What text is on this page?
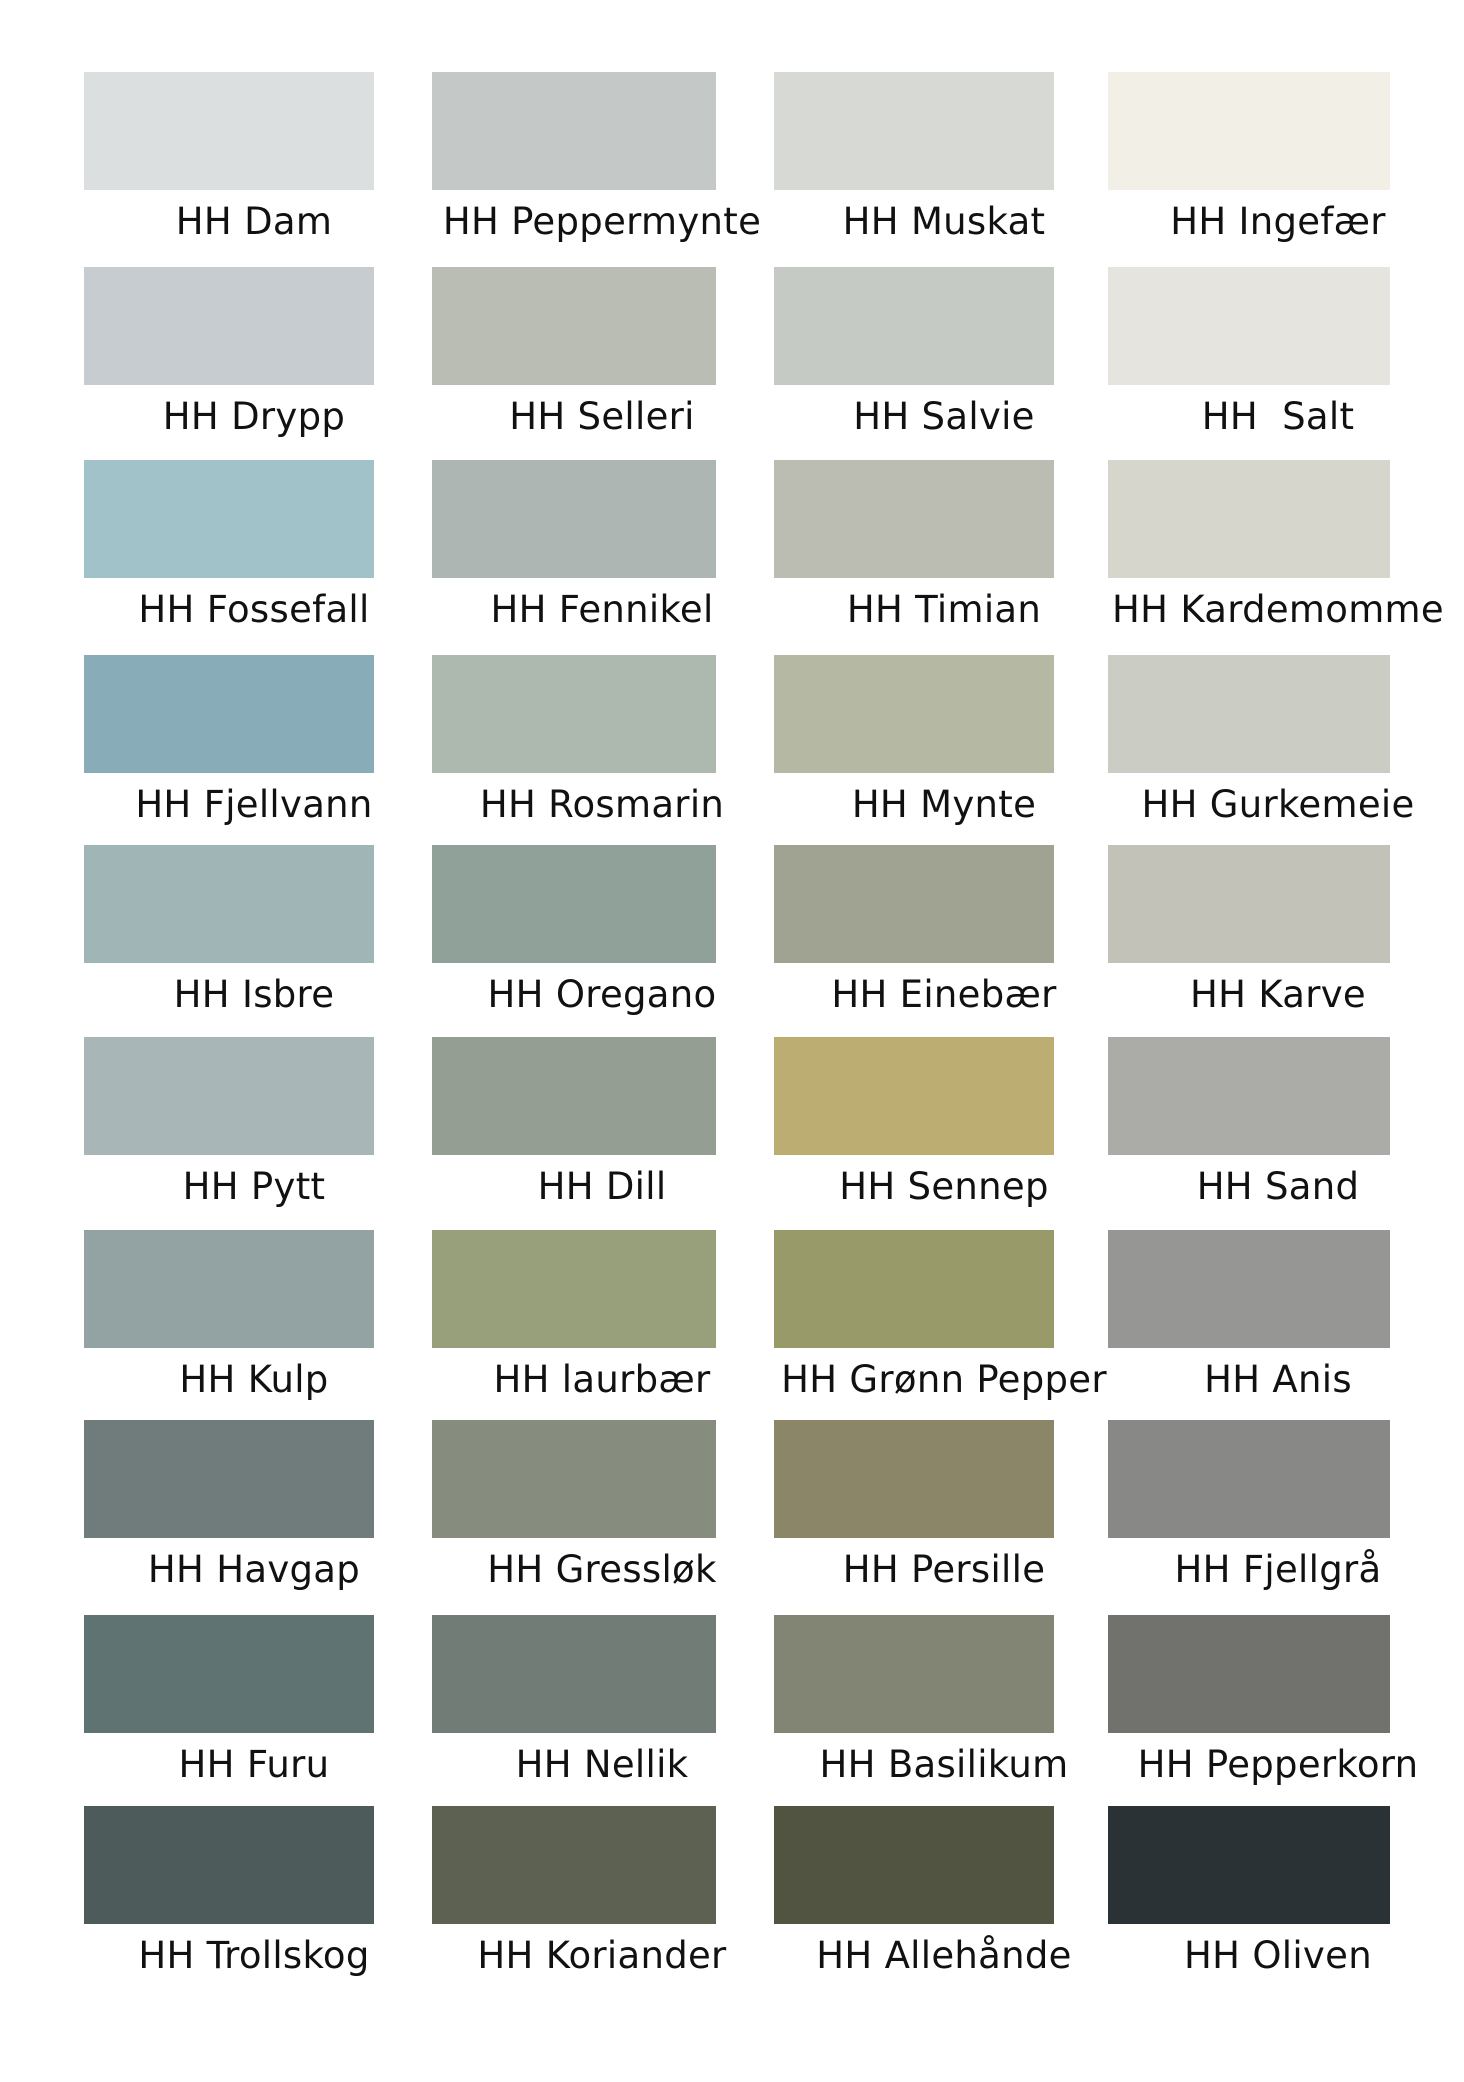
HH Dam
HH Drypp
HH Fossefall
HH Fjellvann
HH Isbre
HH Pytt
HH Kulp
HH Havgap
HH Furu
HH Trollskog
HH Peppermynte
HH Selleri
HH Fennikel
HH Rosmarin
HH Oregano
HH Dill
HH laurbær
HH Gressløk
HH Nellik
HH Koriander
HH Muskat
HH Salvie
HH Timian
HH Mynte
HH Einebær
HH Sennep
HH Grønn Pepper
HH Persille
HH Basilikum
HH Allehånde
HH Ingefær
HH  Salt
HH Kardemomme
HH Gurkemeie
HH Karve
HH Sand
HH Anis
HH Fjellgrå
HH Pepperkorn
HH Oliven
